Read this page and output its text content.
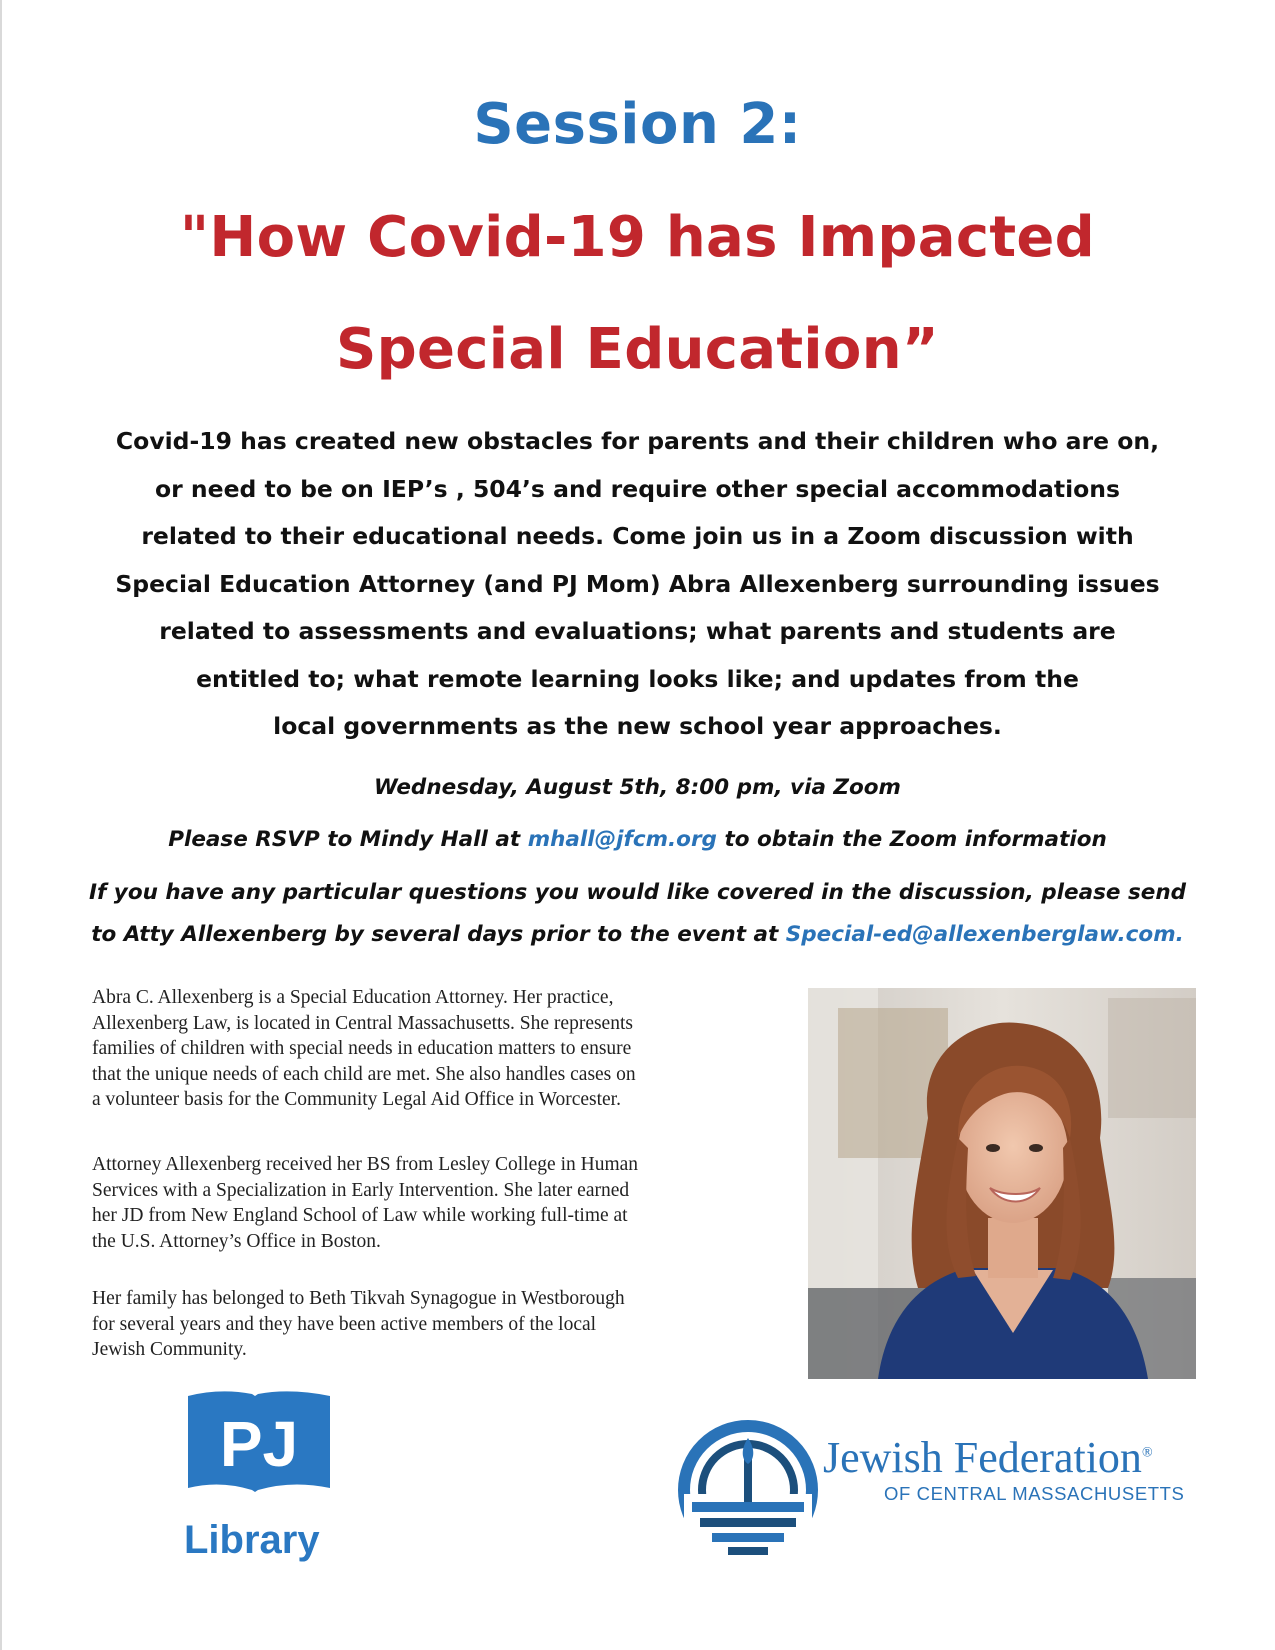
Session 2:
"How Covid-19 has Impacted
Special Education”
Covid-19 has created new obstacles for parents and their children who are on,
or need to be on IEP’s , 504’s and require other special accommodations
related to their educational needs. Come join us in a Zoom discussion with
Special Education Attorney (and PJ Mom) Abra Allexenberg surrounding issues
related to assessments and evaluations; what parents and students are
entitled to; what remote learning looks like; and updates from the
local governments as the new school year approaches.
Wednesday, August 5th, 8:00 pm, via Zoom
Please RSVP to Mindy Hall at mhall@jfcm.org to obtain the Zoom information
If you have any particular questions you would like covered in the discussion, please send
to Atty Allexenberg by several days prior to the event at Special-ed@allexenberglaw.com.
Abra C. Allexenberg is a Special Education Attorney. Her practice,
Allexenberg Law, is located in Central Massachusetts. She represents
families of children with special needs in education matters to ensure
that the unique needs of each child are met. She also handles cases on
a volunteer basis for the Community Legal Aid Office in Worcester.
Attorney Allexenberg received her BS from Lesley College in Human
Services with a Specialization in Early Intervention. She later earned
her JD from New England School of Law while working full-time at
the U.S. Attorney’s Office in Boston.
Her family has belonged to Beth Tikvah Synagogue in Westborough
for several years and they have been active members of the local
Jewish Community.
PJ
Library
Jewish Federation®
OF CENTRAL MASSACHUSETTS
